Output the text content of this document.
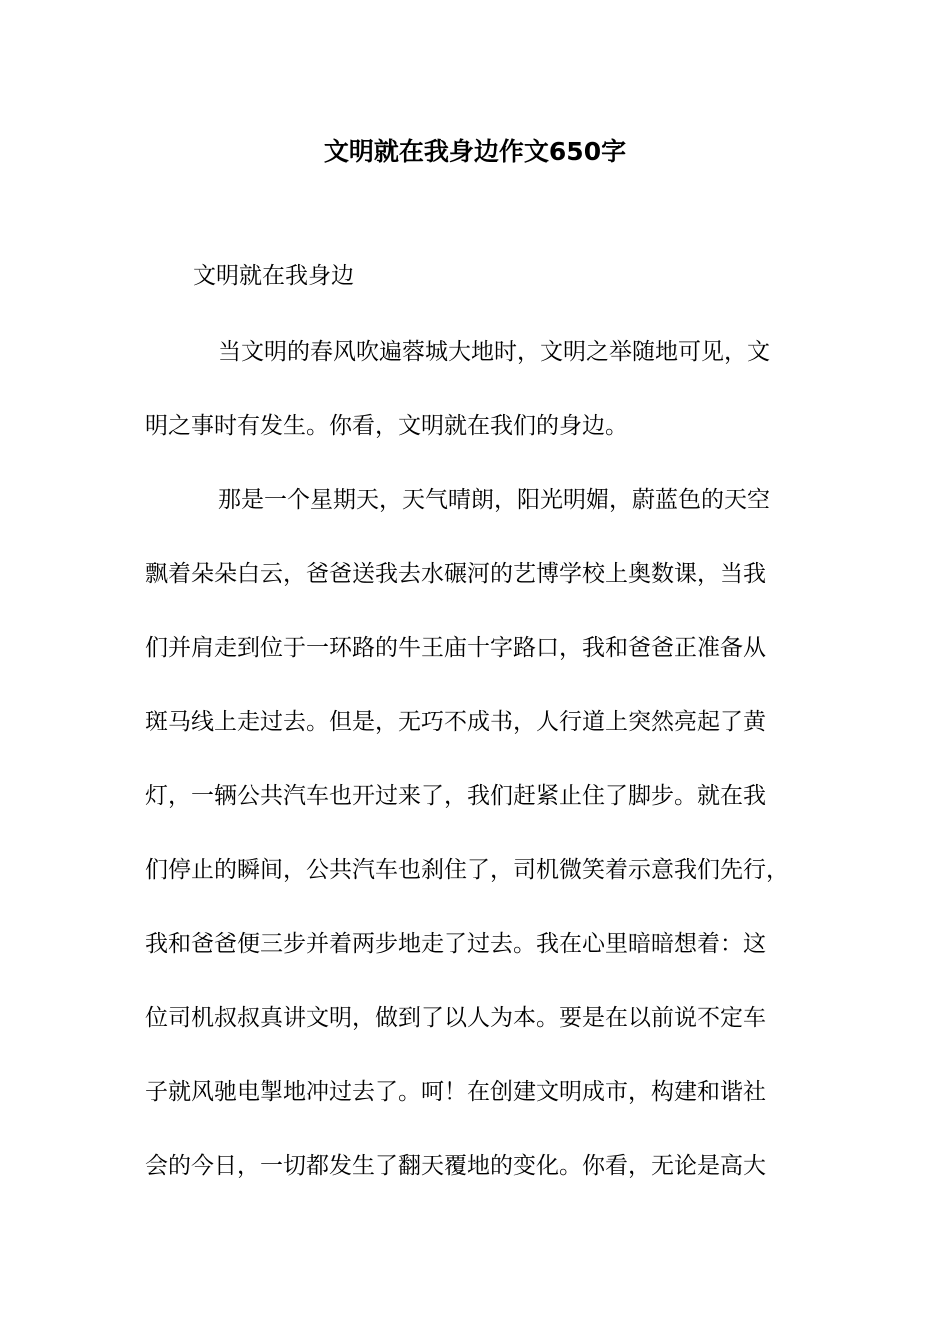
文明就在我身边作文650字

文明就在我身边

当文明的春风吹遍蓉城大地时，文明之举随地可见，文

明之事时有发生。你看，文明就在我们的身边。

那是一个星期天，天气晴朗，阳光明媚，蔚蓝色的天空

飘着朵朵白云，爸爸送我去水碾河的艺博学校上奥数课，当我

们并肩走到位于一环路的牛王庙十字路口，我和爸爸正准备从

斑马线上走过去。但是，无巧不成书，人行道上突然亮起了黄

灯，一辆公共汽车也开过来了，我们赶紧止住了脚步。就在我

们停止的瞬间，公共汽车也刹住了，司机微笑着示意我们先行，

我和爸爸便三步并着两步地走了过去。我在心里暗暗想着：这

位司机叔叔真讲文明，做到了以人为本。要是在以前说不定车

子就风驰电掣地冲过去了。呵！在创建文明成市，构建和谐社

会的今日，一切都发生了翻天覆地的变化。你看，无论是高大
